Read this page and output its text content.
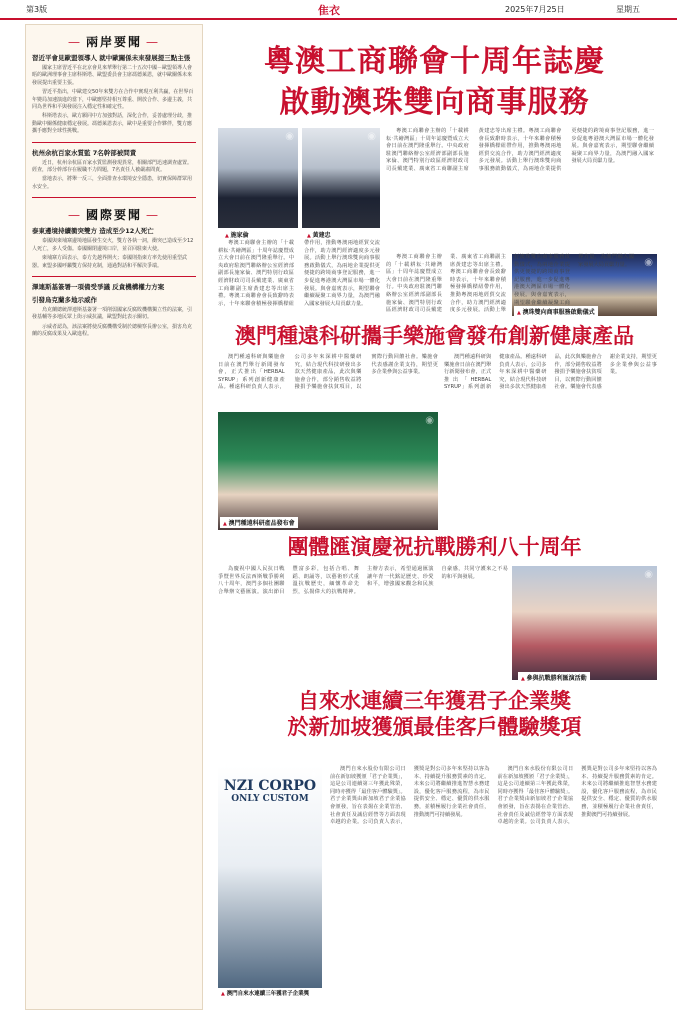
第3版	隹衣	2025年7月25日	星期五
— 兩岸要聞 —
習近平會見歐盟領導人 就中歐關係未來發展提三點主張

國家主席習近平在北京會見來華舉行第二十五次中國－歐盟領導人會晤的歐洲理事會主席科斯塔、歐盟委員會主席馮德萊恩，就中歐關係未來發展提出重要主張。

習近平指出，中歐建交50年來雙方在合作中實現互利共贏，在世界百年變局加速演進的當下，中歐應堅持相互尊重、開放合作、多邊主義，共同為世界和平與發展注入穩定性和確定性。

科斯塔表示，歐方願同中方加強對話，深化合作，妥善處理分歧，推動歐中關係健康穩定發展。馮德萊恩表示，歐中是重要合作夥伴，雙方應攜手應對全球性挑戰。

杭州余杭百家水質監 7名幹部被問責

近日，杭州余杭區百家水質監測發現異常，相關部門迅速調查處置。經查，部分幹部存在履職不力問題，7名責任人被嚴肅問責。

當地表示，將舉一反三，全面排查水環境安全隱患，切實保障群眾用水安全。

— 國際要聞 —
泰東邊境持續衝突雙方 造成至少12人死亡

泰國與柬埔寨邊境地區發生交火，雙方各執一詞，衝突已造成至少12人死亡，多人受傷。泰國關閉邊境口岸，並召回駐柬大使。

柬埔寨方面表示，泰方先越界開火；泰國則指柬方率先使用重型武器。東盟多國呼籲雙方保持克制，通過對話和平解決爭端。

澤連斯基簽署一項備受爭議 反貪機構權力方案
引發烏克蘭多地示威作

烏克蘭總統澤連斯基簽署一項削弱國家反腐敗機構獨立性的法案，引發基輔等多地民眾上街示威抗議，歐盟對此表示關切。

示威者認為，該法案將使反腐機構受制於總檢察長辦公室，損害烏克蘭的反腐成果及入歐進程。

粵澳工商聯會十周年誌慶
啟動澳珠雙向商事服務
◉
▲ 施家倫
◉
▲ 黃建忠

粵澳工商聯會主辦的「十載耕耘‧共繪灣區」十周年誌慶暨成立大會日前在澳門隆重舉行。中央政府駐澳門聯絡辦公室經濟部副部長施家倫、澳門特別行政區經濟財政司司長戴建業、廣東省工商聯副主席黃建忠等出席主禮。粵澳工商聯會會長致辭時表示，十年來聯會積極發揮橋樑紐帶作用，推動粵澳兩地經貿交流合作，助力澳門經濟適度多元發展。活動上舉行澳珠雙向商事服務啟動儀式，為兩地企業提供更便捷的跨境商事登記服務，進一步促進粵港澳大灣區市場一體化發展。與會嘉賓表示，期望聯會繼續凝聚工商界力量，為澳門融入國家發展大局貢獻力量。

粵澳工商聯會主辦的「十載耕耘‧共繪灣區」十周年誌慶暨成立大會日前在澳門隆重舉行。中央政府駐澳門聯絡辦公室經濟部副部長施家倫、澳門特別行政區經濟財政司司長戴建業、廣東省工商聯副主席黃建忠等出席主禮。粵澳工商聯會會長致辭時表示，十年來聯會積極發揮橋樑紐帶作用，推動粵澳兩地經貿交流合作，助力澳門經濟適度多元發展。活動上舉行澳珠雙向商事服務啟動儀式，為兩地企業提供更便捷的跨境商事登記服務，進一步促進粵港澳大灣區市場一體化發展。與會嘉賓表示，期望聯會繼續凝聚工商界力量，為澳門融入國家發展大局貢獻力量。

◉
▲ 澳珠雙向商事服務啟動儀式

粵澳工商聯會主辦的「十載耕耘‧共繪灣區」十周年誌慶暨成立大會日前在澳門隆重舉行。中央政府駐澳門聯絡辦公室經濟部副部長施家倫、澳門特別行政區經濟財政司司長戴建業、廣東省工商聯副主席黃建忠等出席主禮。粵澳工商聯會會長致辭時表示，十年來聯會積極發揮橋樑紐帶作用，推動粵澳兩地經貿交流合作，助力澳門經濟適度多元發展。活動上舉行澳珠雙向商事服務啟動儀式，為兩地企業提供更便捷的跨境商事登記服務，進一步促進粵港澳大灣區市場一體化發展。與會嘉賓表示，期望聯會繼續凝聚工商界力量，為澳門融入國家發展大局貢獻力量。

澳門種遠科研攜手樂施會發布創新健康產品

澳門種遠科研與樂施會日前在澳門舉行新聞發布會，正式推出「HERBAL SYRUP」系列創新健康產品。種遠科研負責人表示，公司多年來深耕中醫藥研究，結合現代科技研發出多款天然健康產品，此次與樂施會合作，部分銷售收益將撥捐予樂施會扶貧項目，以實際行動回饋社會。樂施會代表感謝企業支持，期望更多企業參與公益事業。

澳門種遠科研與樂施會日前在澳門舉行新聞發布會，正式推出「HERBAL SYRUP」系列創新健康產品。種遠科研負責人表示，公司多年來深耕中醫藥研究，結合現代科技研發出多款天然健康產品，此次與樂施會合作，部分銷售收益將撥捐予樂施會扶貧項目，以實際行動回饋社會。樂施會代表感謝企業支持，期望更多企業參與公益事業。

◉
▲ 澳門種遠科研產品發布會
團體匯演慶祝抗戰勝利八十周年

為慶祝中國人民抗日戰爭暨世界反法西斯戰爭勝利八十周年，澳門多個社團聯合舉辦文藝匯演。演出節目豐富多彩，包括合唱、舞蹈、朗誦等，以藝術形式重溫抗戰歷史，緬懷革命先烈，弘揚偉大的抗戰精神。主辦方表示，希望通過匯演讓年青一代銘記歷史、珍愛和平，增強國家觀念和民族自豪感，共同守護來之不易的和平與發展。	◉
▲ 參與抗戰勝利匯演活動
自來水連續三年獲君子企業獎
於新加坡獲頒最佳客戶體驗獎項
NZI CORPO
ONLY CUSTOM
◉
▲ 澳門自來水連續三年獲君子企業獎

澳門自來水股份有限公司日前在新加坡獲頒「君子企業獎」，這是公司連續第三年獲此殊榮，同時亦獲得「最佳客戶體驗獎」。君子企業獎由新加坡君子企業協會頒發，旨在表揚在企業管治、社會責任及誠信經營等方面表現卓越的企業。公司負責人表示，獲獎是對公司多年來堅持以客為本、持續提升服務質素的肯定。未來公司將繼續推進智慧水務建設，優化客戶服務流程，為市民提供安全、穩定、優質的供水服務，並積極履行企業社會責任，推動澳門可持續發展。

澳門自來水股份有限公司日前在新加坡獲頒「君子企業獎」，這是公司連續第三年獲此殊榮，同時亦獲得「最佳客戶體驗獎」。君子企業獎由新加坡君子企業協會頒發，旨在表揚在企業管治、社會責任及誠信經營等方面表現卓越的企業。公司負責人表示，獲獎是對公司多年來堅持以客為本、持續提升服務質素的肯定。未來公司將繼續推進智慧水務建設，優化客戶服務流程，為市民提供安全、穩定、優質的供水服務，並積極履行企業社會責任，推動澳門可持續發展。
